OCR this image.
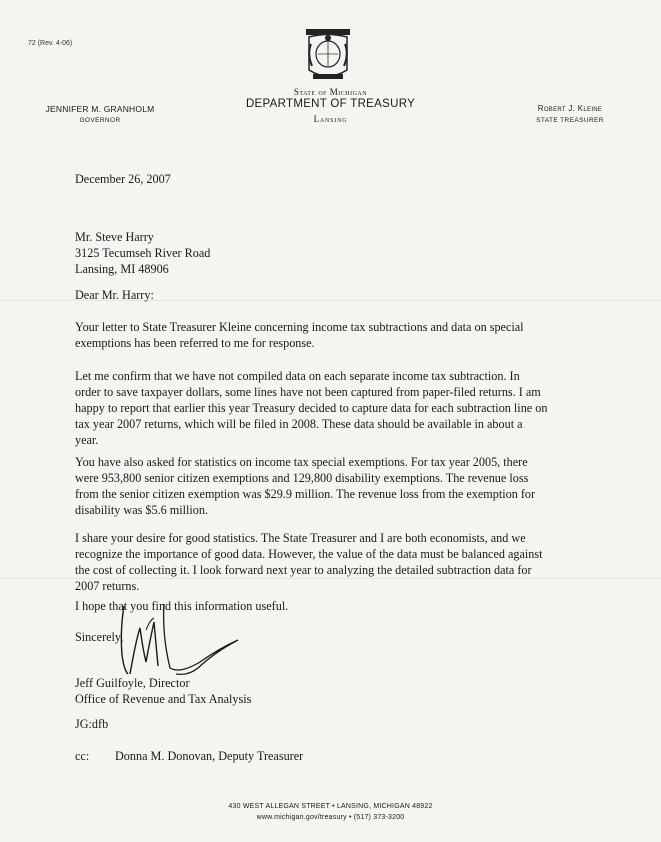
72 (Rev. 4-06)
State of Michigan
DEPARTMENT OF TREASURY
Lansing
JENNIFER M. GRANHOLM
GOVERNOR
Robert J. Kleine
STATE TREASURER
December 26, 2007
Mr. Steve Harry
3125 Tecumseh River Road
Lansing, MI 48906
Dear Mr. Harry:
Your letter to State Treasurer Kleine concerning income tax subtractions and data on special
exemptions has been referred to me for response.
Let me confirm that we have not compiled data on each separate income tax subtraction. In
order to save taxpayer dollars, some lines have not been captured from paper-filed returns. I am
happy to report that earlier this year Treasury decided to capture data for each subtraction line on
tax year 2007 returns, which will be filed in 2008. These data should be available in about a
year.
You have also asked for statistics on income tax special exemptions. For tax year 2005, there
were 953,800 senior citizen exemptions and 129,800 disability exemptions. The revenue loss
from the senior citizen exemption was $29.9 million. The revenue loss from the exemption for
disability was $5.6 million.
I share your desire for good statistics. The State Treasurer and I are both economists, and we
recognize the importance of good data. However, the value of the data must be balanced against
the cost of collecting it. I look forward next year to analyzing the detailed subtraction data for
2007 returns.
I hope that you find this information useful.
Sincerely,
Jeff Guilfoyle, Director
Office of Revenue and Tax Analysis
JG:dfb
cc: Donna M. Donovan, Deputy Treasurer
430 WEST ALLEGAN STREET • LANSING, MICHIGAN 48922
www.michigan.gov/treasury • (517) 373-3200
